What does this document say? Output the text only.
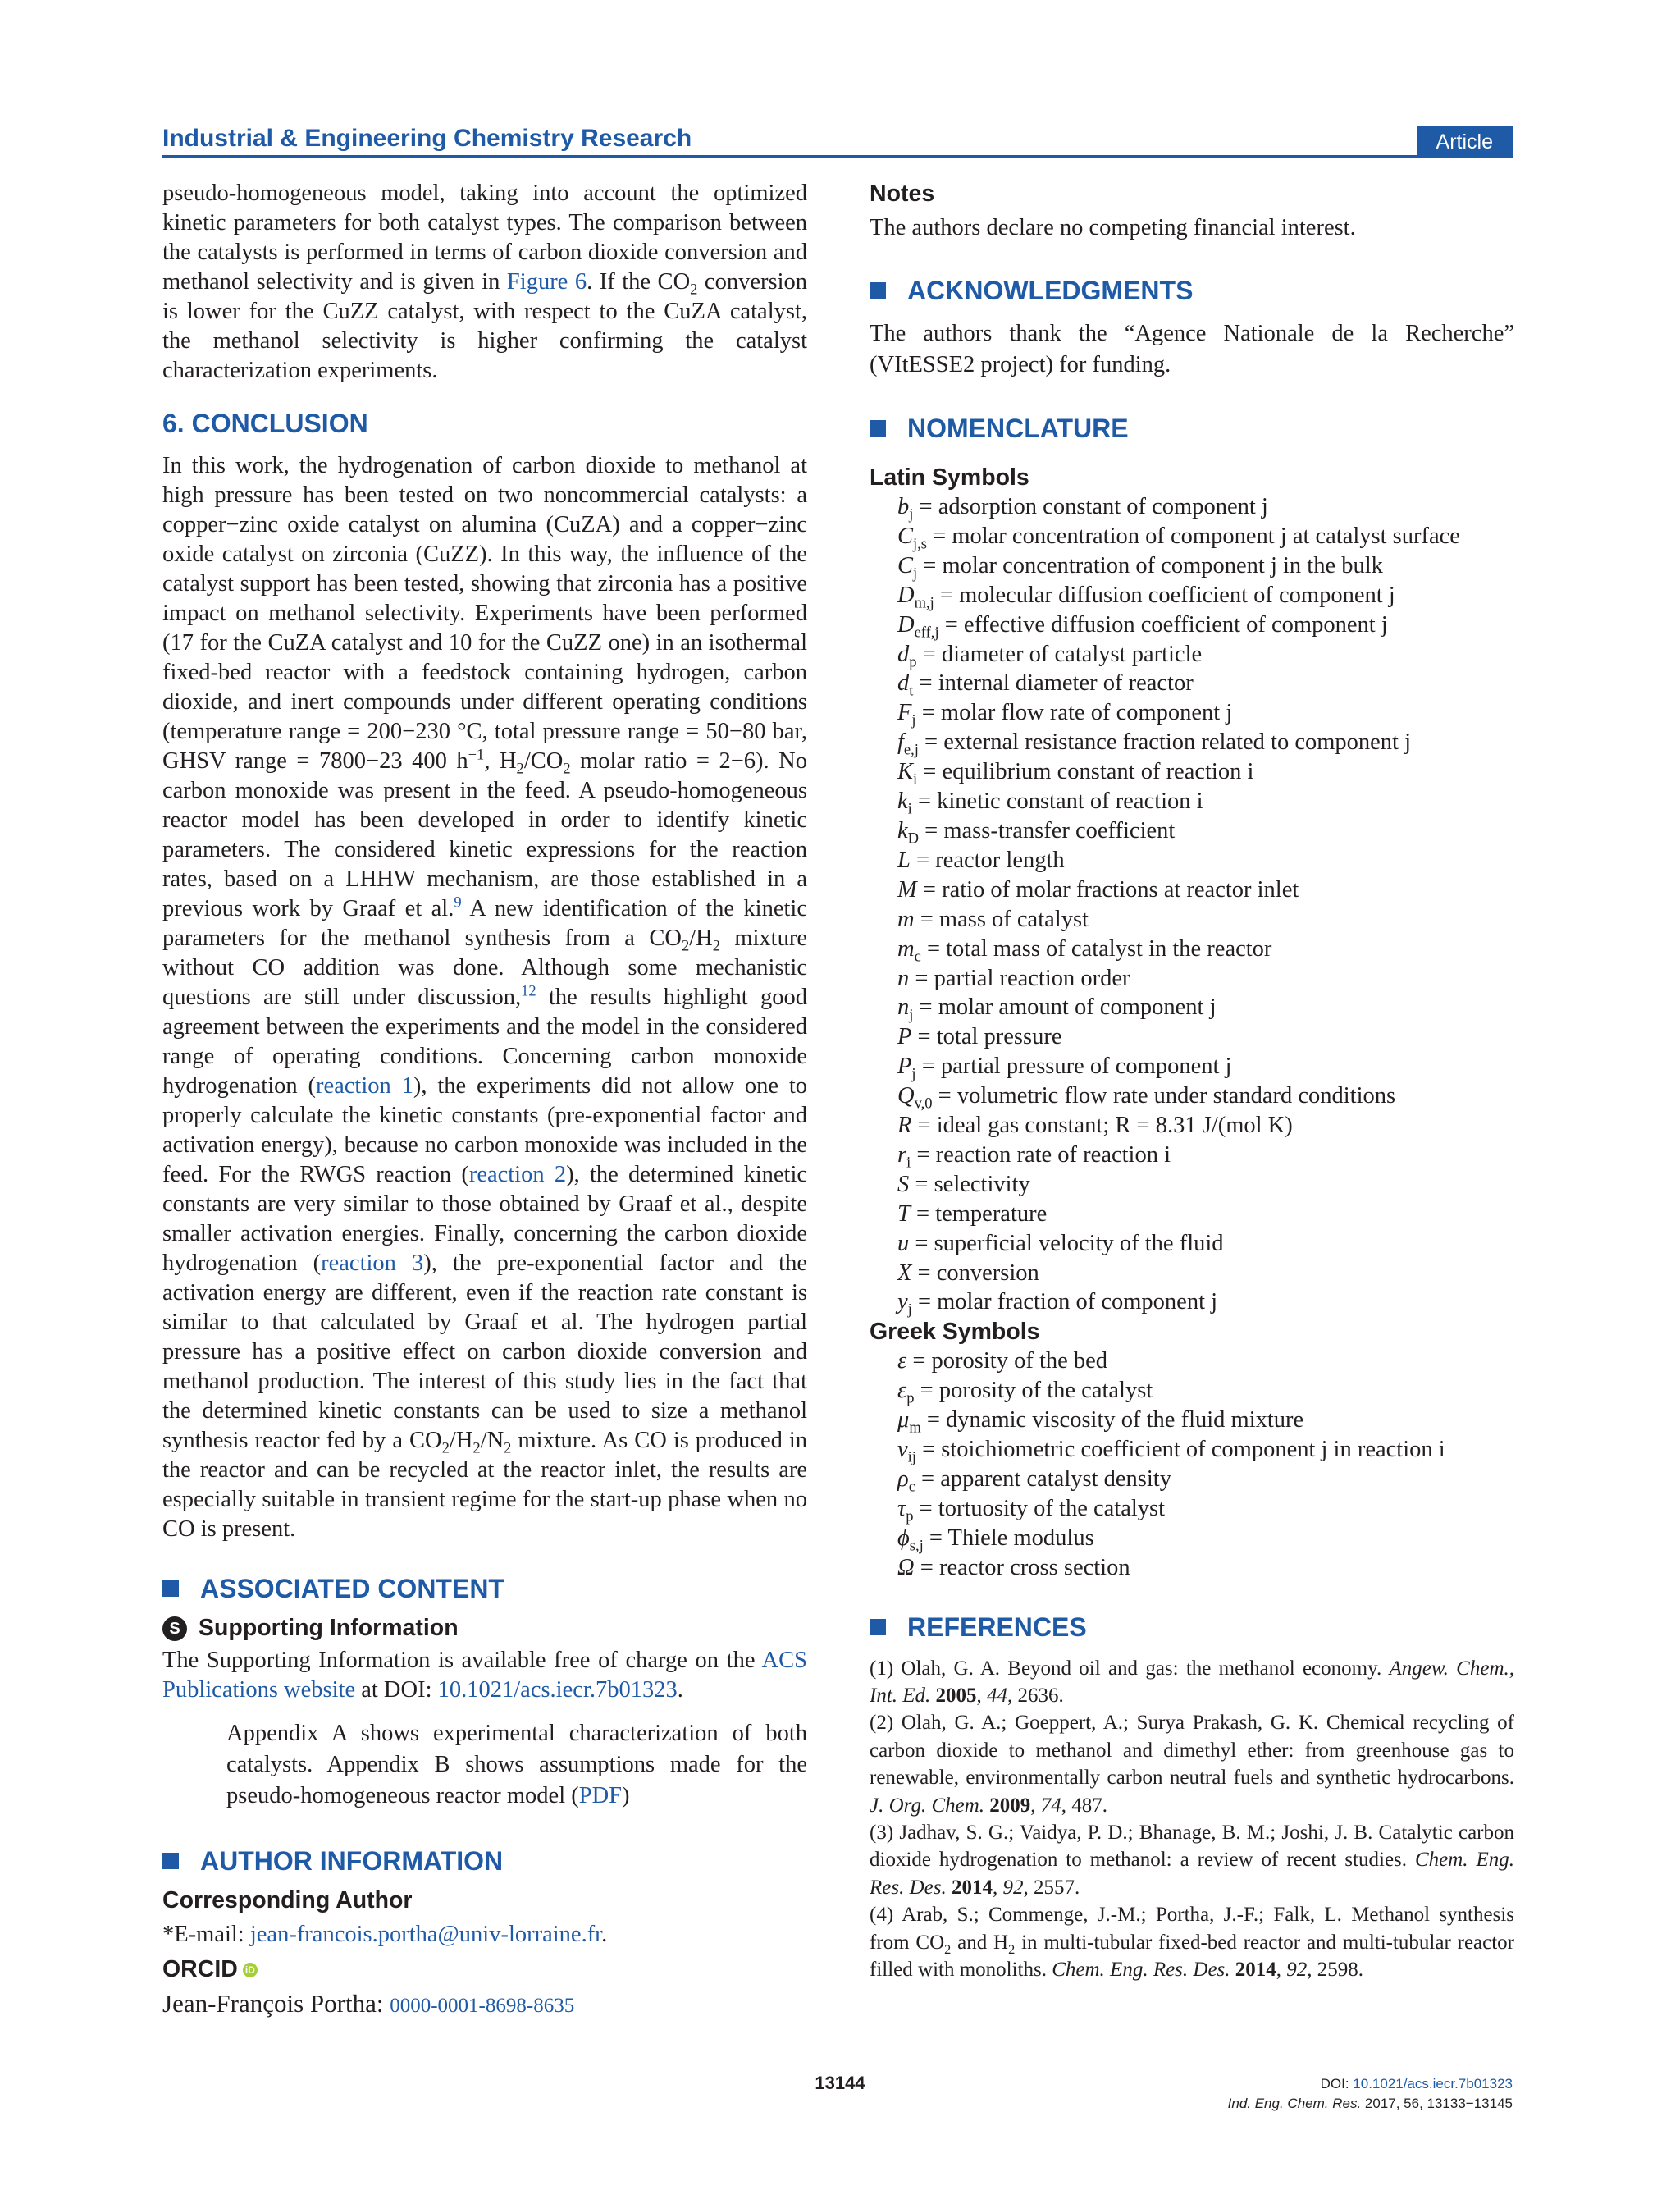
Industrial & Engineering Chemistry Research	Article

pseudo-homogeneous model, taking into account the optimized kinetic parameters for both catalyst types. The comparison between the catalysts is performed in terms of carbon dioxide conversion and methanol selectivity and is given in Figure 6. If the $CO_2$ conversion is lower for the CuZZ catalyst, with respect to the CuZA catalyst, the methanol selectivity is higher confirming the catalyst characterization experiments.

6. CONCLUSION

In this work, the hydrogenation of carbon dioxide to methanol at high pressure has been tested on two noncommercial catalysts: a copper−zinc oxide catalyst on alumina (CuZA) and a copper−zinc oxide catalyst on zirconia (CuZZ). In this way, the influence of the catalyst support has been tested, showing that zirconia has a positive impact on methanol selectivity. Experiments have been performed (17 for the CuZA catalyst and 10 for the CuZZ one) in an isothermal fixed-bed reactor with a feedstock containing hydrogen, carbon dioxide, and inert compounds under different operating conditions (temperature range = 200−230 °C, total pressure range = 50−80 bar, GHSV range = 7800−23 400 $h^{-1}$, $H_2/CO_2$ molar ratio = 2−6). No carbon monoxide was present in the feed. A pseudo-homogeneous reactor model has been developed in order to identify kinetic parameters. The considered kinetic expressions for the reaction rates, based on a LHHW mechanism, are those established in a previous work by Graaf et al.$^9$ A new identification of the kinetic parameters for the methanol synthesis from a $CO_2/H_2$ mixture without CO addition was done. Although some mechanistic questions are still under discussion,$^{12}$ the results highlight good agreement between the experiments and the model in the considered range of operating conditions. Concerning carbon monoxide hydrogenation (reaction 1), the experiments did not allow one to properly calculate the kinetic constants (pre-exponential factor and activation energy), because no carbon monoxide was included in the feed. For the RWGS reaction (reaction 2), the determined kinetic constants are very similar to those obtained by Graaf et al., despite smaller activation energies. Finally, concerning the carbon dioxide hydrogenation (reaction 3), the pre-exponential factor and the activation energy are different, even if the reaction rate constant is similar to that calculated by Graaf et al. The hydrogen partial pressure has a positive effect on carbon dioxide conversion and methanol production. The interest of this study lies in the fact that the determined kinetic constants can be used to size a methanol synthesis reactor fed by a $CO_2/H_2/N_2$ mixture. As CO is produced in the reactor and can be recycled at the reactor inlet, the results are especially suitable in transient regime for the start-up phase when no CO is present.

ASSOCIATED CONTENT
S Supporting Information

The Supporting Information is available free of charge on the ACS Publications website at DOI: 10.1021/acs.iecr.7b01323.

Appendix A shows experimental characterization of both catalysts. Appendix B shows assumptions made for the pseudo-homogeneous reactor model (PDF)

AUTHOR INFORMATION
Corresponding Author

*E-mail: jean-francois.portha@univ-lorraine.fr.

ORCID iD

Jean-François Portha: 0000-0001-8698-8635

Notes

The authors declare no competing financial interest.

ACKNOWLEDGMENTS

The authors thank the “Agence Nationale de la Recherche” (VItESSE2 project) for funding.

NOMENCLATURE
Latin Symbols
$b_j$ = adsorption constant of component j
$C_{j,s}$ = molar concentration of component j at catalyst surface
$C_j$ = molar concentration of component j in the bulk
$D_{m,j}$ = molecular diffusion coefficient of component j
$D_{eff,j}$ = effective diffusion coefficient of component j
$d_p$ = diameter of catalyst particle
$d_t$ = internal diameter of reactor
$F_j$ = molar flow rate of component j
$f_{e,j}$ = external resistance fraction related to component j
$K_i$ = equilibrium constant of reaction i
$k_i$ = kinetic constant of reaction i
$k_D$ = mass-transfer coefficient
L = reactor length
M = ratio of molar fractions at reactor inlet
m = mass of catalyst
$m_c$ = total mass of catalyst in the reactor
n = partial reaction order
$n_j$ = molar amount of component j
P = total pressure
$P_j$ = partial pressure of component j
$Q_{v,0}$ = volumetric flow rate under standard conditions
R = ideal gas constant; R = 8.31 J/(mol K)
$r_i$ = reaction rate of reaction i
S = selectivity
T = temperature
u = superficial velocity of the fluid
X = conversion
$y_j$ = molar fraction of component j
Greek Symbols
ε = porosity of the bed
$\varepsilon_p$ = porosity of the catalyst
$\mu_m$ = dynamic viscosity of the fluid mixture
$\nu_{ij}$ = stoichiometric coefficient of component j in reaction i
$\rho_c$ = apparent catalyst density
$\tau_p$ = tortuosity of the catalyst
$\phi_{s,j}$ = Thiele modulus
Ω = reactor cross section
REFERENCES

(1) Olah, G. A. Beyond oil and gas: the methanol economy. Angew. Chem., Int. Ed. 2005, 44, 2636.

(2) Olah, G. A.; Goeppert, A.; Surya Prakash, G. K. Chemical recycling of carbon dioxide to methanol and dimethyl ether: from greenhouse gas to renewable, environmentally carbon neutral fuels and synthetic hydrocarbons. J. Org. Chem. 2009, 74, 487.

(3) Jadhav, S. G.; Vaidya, P. D.; Bhanage, B. M.; Joshi, J. B. Catalytic carbon dioxide hydrogenation to methanol: a review of recent studies. Chem. Eng. Res. Des. 2014, 92, 2557.

(4) Arab, S.; Commenge, J.-M.; Portha, J.-F.; Falk, L. Methanol synthesis from $CO_2$ and $H_2$ in multi-tubular fixed-bed reactor and multi-tubular reactor filled with monoliths. Chem. Eng. Res. Des. 2014, 92, 2598.

13144	DOI: 10.1021/acs.iecr.7b01323
Ind. Eng. Chem. Res. 2017, 56, 13133−13145
